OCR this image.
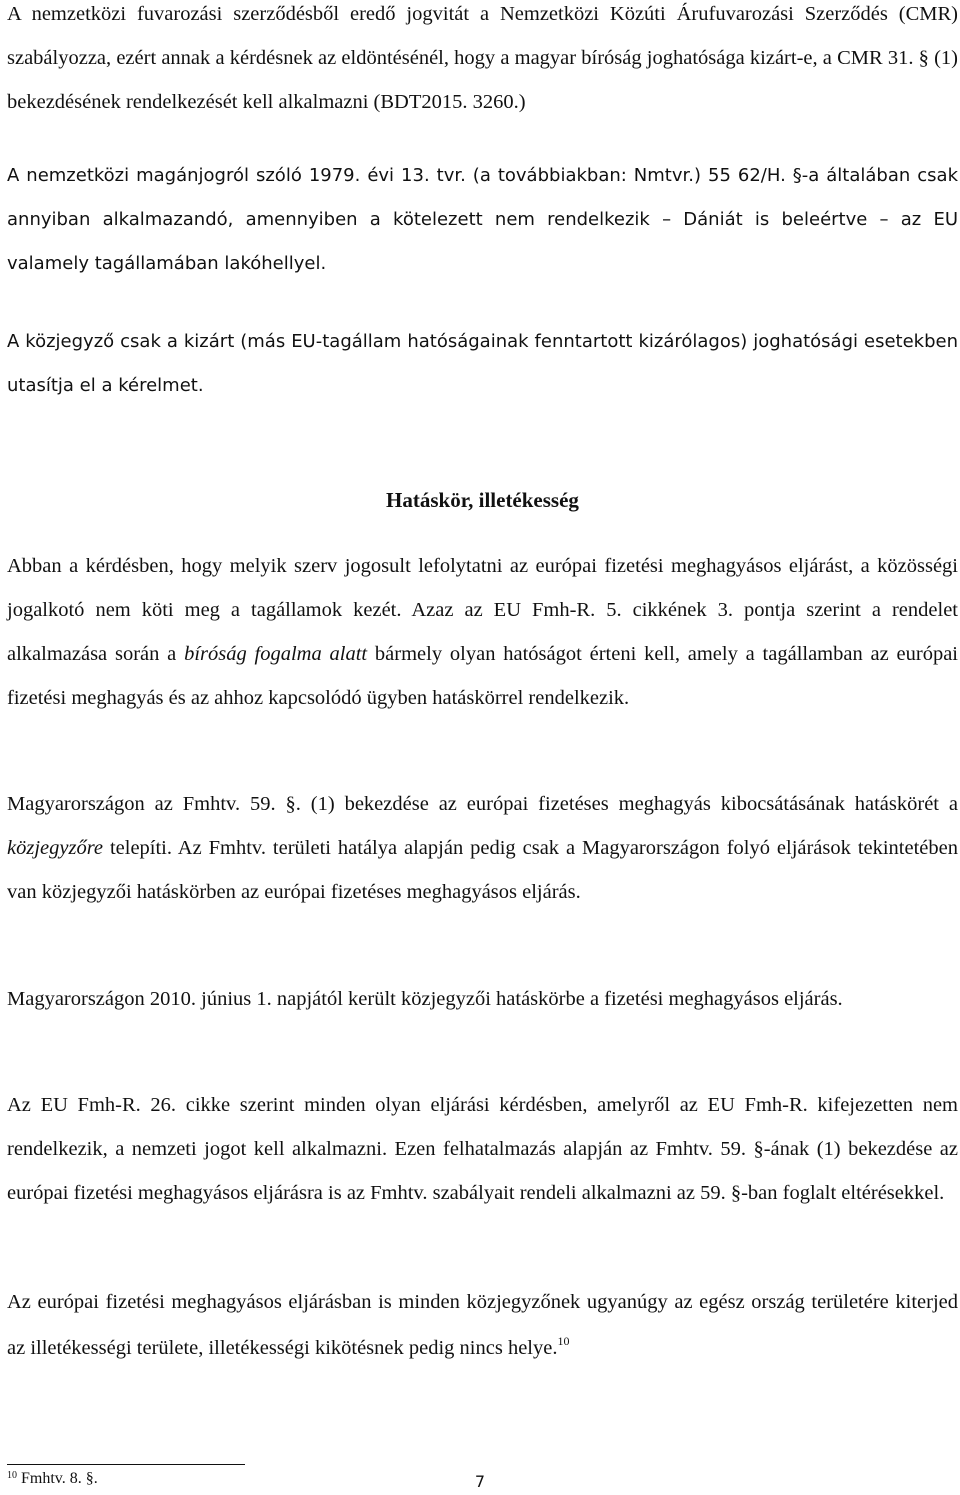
A nemzetközi fuvarozási szerződésből eredő jogvitát a Nemzetközi Közúti Árufuvarozási Szerződés (CMR) szabályozza, ezért annak a kérdésnek az eldöntésénél, hogy a magyar bíróság joghatósága kizárt-e, a CMR 31. § (1) bekezdésének rendelkezését kell alkalmazni (BDT2015. 3260.)

A nemzetközi magánjogról szóló 1979. évi 13. tvr. (a továbbiakban: Nmtvr.) 55 62/H. §-a általában csak annyiban alkalmazandó, amennyiben a kötelezett nem rendelkezik – Dániát is beleértve – az EU valamely tagállamában lakóhellyel.

A közjegyző csak a kizárt (más EU-tagállam hatóságainak fenntartott kizárólagos) joghatósági esetekben utasítja el a kérelmet.

Hatáskör, illetékesség

Abban a kérdésben, hogy melyik szerv jogosult lefolytatni az európai fizetési meghagyásos eljárást, a közösségi jogalkotó nem köti meg a tagállamok kezét. Azaz az EU Fmh-R. 5. cikkének 3. pontja szerint a rendelet alkalmazása során a bíróság fogalma alatt bármely olyan hatóságot érteni kell, amely a tagállamban az európai fizetési meghagyás és az ahhoz kapcsolódó ügyben hatáskörrel rendelkezik.

Magyarországon az Fmhtv. 59. §. (1) bekezdése az európai fizetéses meghagyás kibocsátásának hatáskörét a közjegyzőre telepíti. Az Fmhtv. területi hatálya alapján pedig csak a Magyarországon folyó eljárások tekintetében van közjegyzői hatáskörben az európai fizetéses meghagyásos eljárás.

Magyarországon 2010. június 1. napjától került közjegyzői hatáskörbe a fizetési meghagyásos eljárás.

Az EU Fmh-R. 26. cikke szerint minden olyan eljárási kérdésben, amelyről az EU Fmh-R. kifejezetten nem rendelkezik, a nemzeti jogot kell alkalmazni. Ezen felhatalmazás alapján az Fmhtv. 59. §-ának (1) bekezdése az európai fizetési meghagyásos eljárásra is az Fmhtv. szabályait rendeli alkalmazni az 59. §-ban foglalt eltérésekkel.

Az európai fizetési meghagyásos eljárásban is minden közjegyzőnek ugyanúgy az egész ország területére kiterjed az illetékességi területe, illetékességi kikötésnek pedig nincs helye.$^{10}$

$^{10}$ Fmhtv. 8. §.	7
